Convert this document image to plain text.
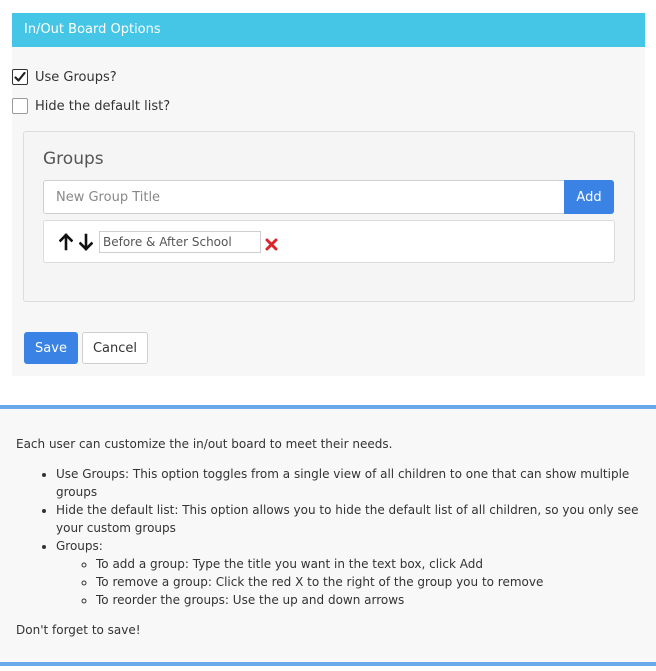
In/Out Board Options
Use Groups?
Hide the default list?
Groups
New Group Title
Add
Before & After School
Save	Cancel

Each user can customize the in/out board to meet their needs.

• Use Groups: This option toggles from a single view of all children to one that can show multiple groups
• Hide the default list: This option allows you to hide the default list of all children, so you only see your custom groups
• Groups:
◦ To add a group: Type the title you want in the text box, click Add
◦ To remove a group: Click the red X to the right of the group you to remove
◦ To reorder the groups: Use the up and down arrows

Don't forget to save!
